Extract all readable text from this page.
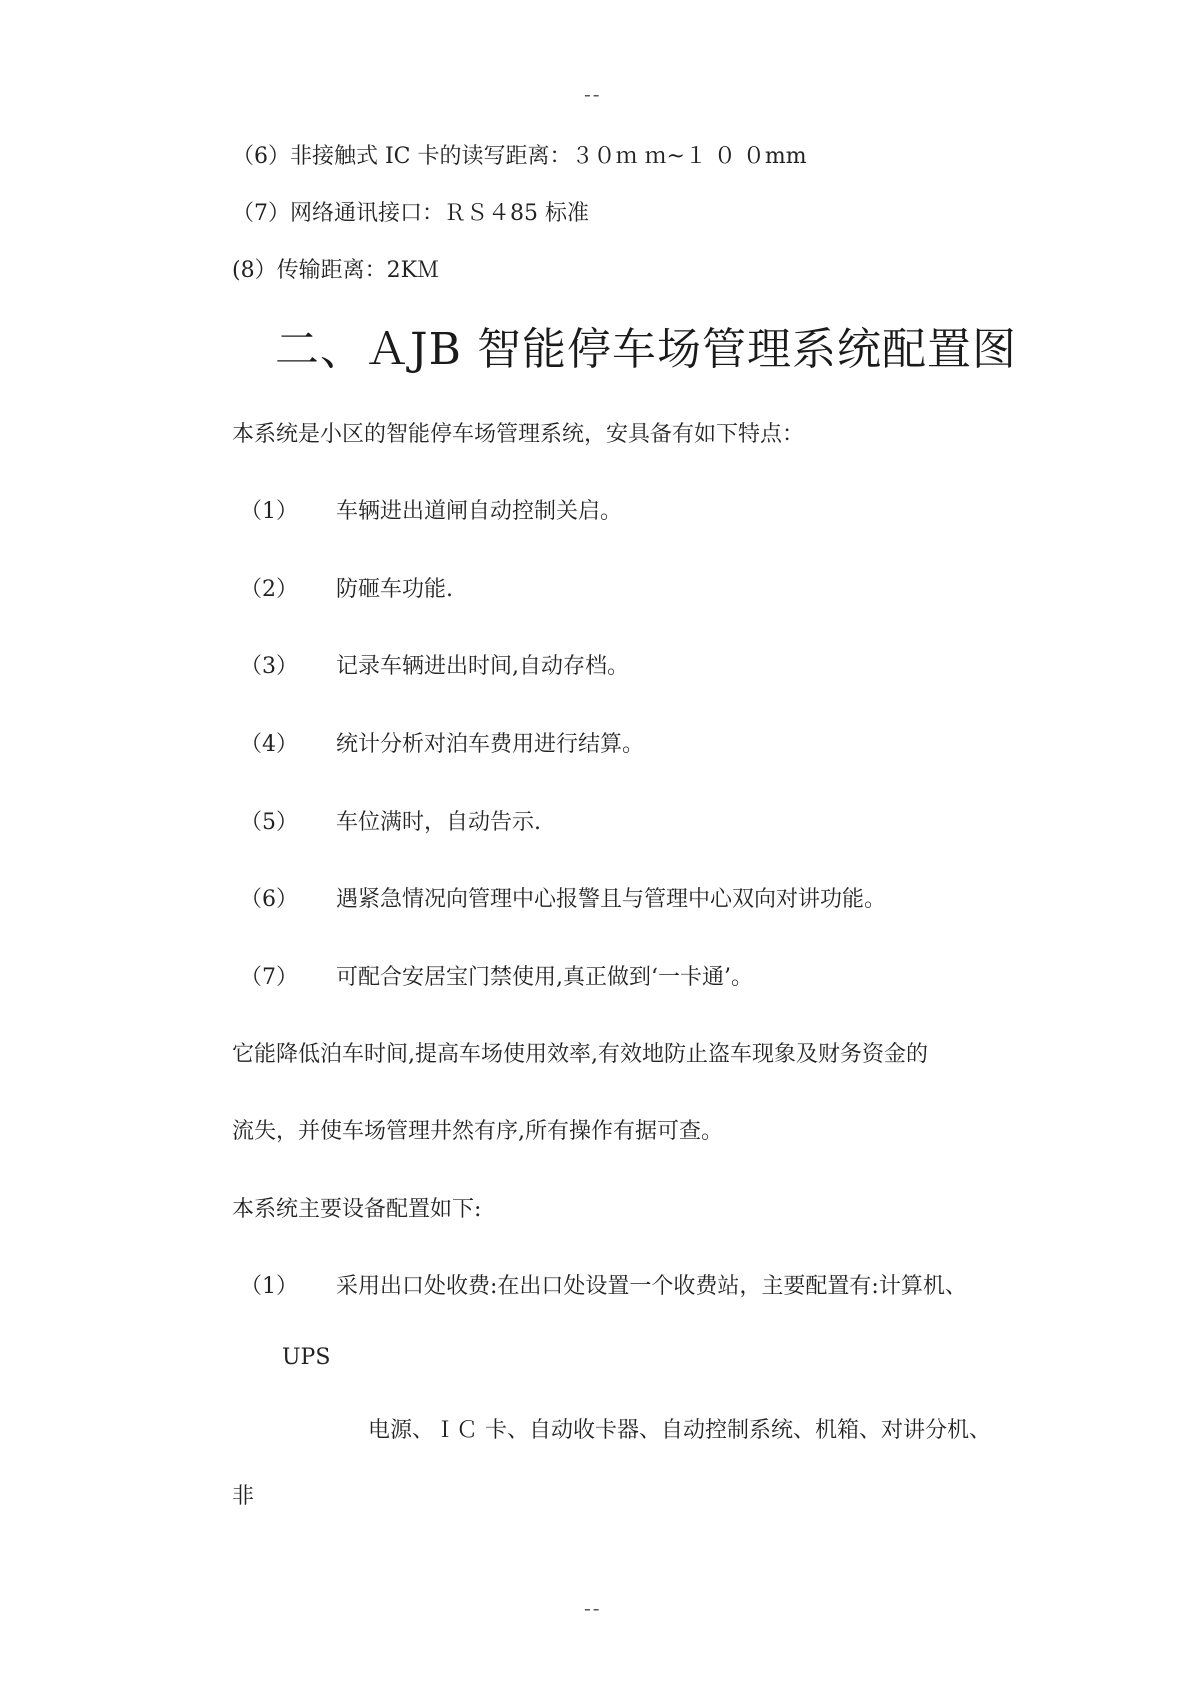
--
（6）非接触式 IC 卡的读写距离：３０ｍ ｍ~１ ０ ０mm
（7）网络通讯接口：ＲＳ４85 标准
(8）传输距离：2KＭ
二、ＡJB 智能停车场管理系统配置图
本系统是小区的智能停车场管理系统，安具备有如下特点：
（1） 车辆进出道闸自动控制关启。
（2） 防砸车功能.
（3） 记录车辆进出时间,自动存档。
（4） 统计分析对泊车费用进行结算。
（5） 车位满时，自动告示.
（6） 遇紧急情况向管理中心报警且与管理中心双向对讲功能。
（7） 可配合安居宝门禁使用,真正做到‘一卡通’。
它能降低泊车时间,提高车场使用效率,有效地防止盗车现象及财务资金的
流失，并使车场管理井然有序,所有操作有据可查。
本系统主要设备配置如下:
（1） 采用出口处收费:在出口处设置一个收费站，主要配置有:计算机、
UPS
电源、ＩＣ 卡、自动收卡器、自动控制系统、机箱、对讲分机、
非
--
